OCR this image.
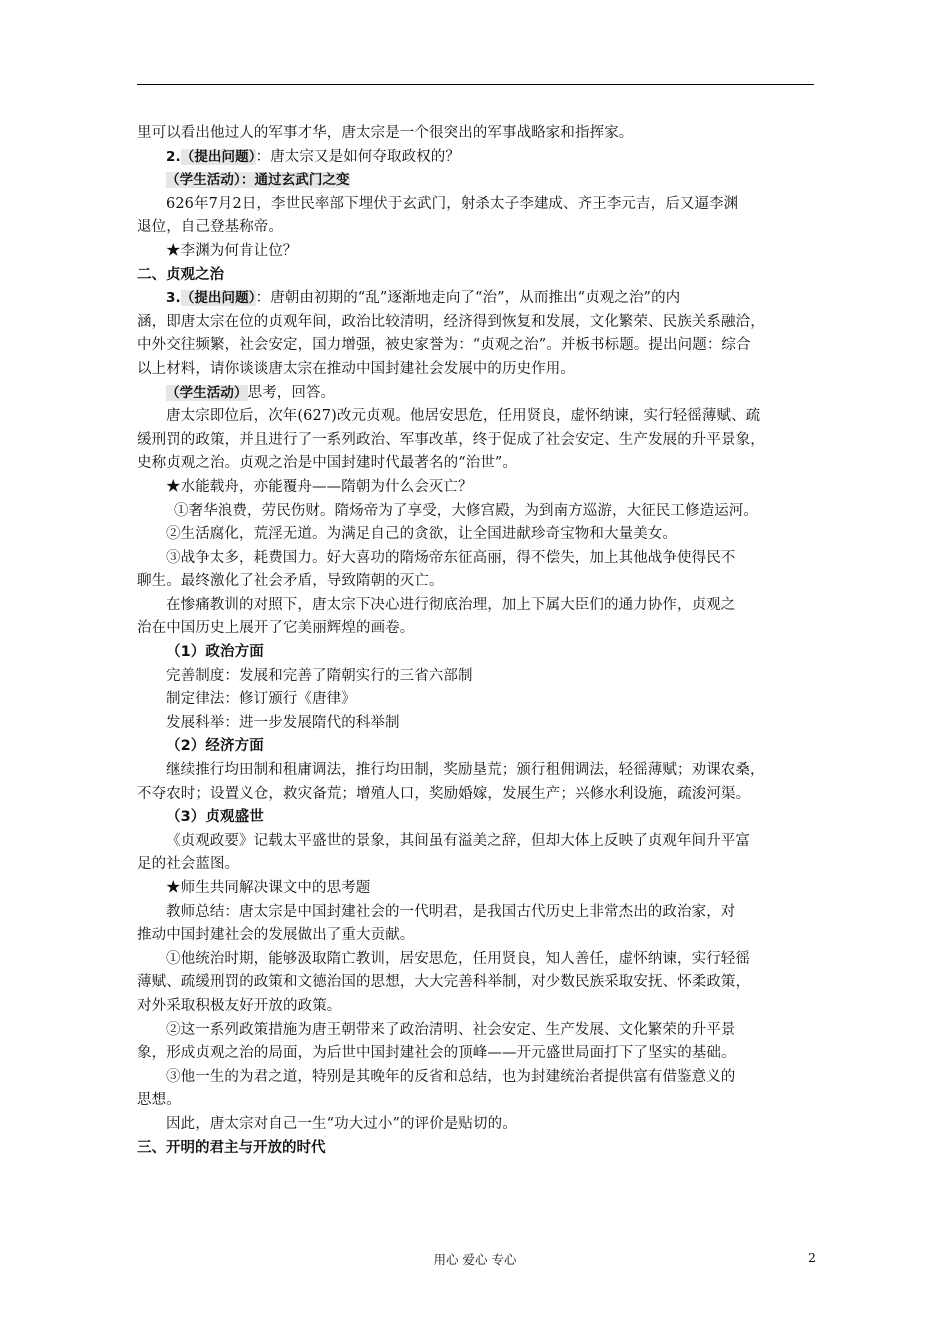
里可以看出他过人的军事才华，唐太宗是一个很突出的军事战略家和指挥家。

2.（提出问题）：唐太宗又是如何夺取政权的？

（学生活动）：通过玄武门之变

626年7月2日，李世民率部下埋伏于玄武门，射杀太子李建成、齐王李元吉，后又逼李渊

退位，自己登基称帝。

★李渊为何肯让位？

二、贞观之治

3.（提出问题）：唐朝由初期的“乱”逐渐地走向了“治”，从而推出“贞观之治”的内

涵，即唐太宗在位的贞观年间，政治比较清明，经济得到恢复和发展，文化繁荣、民族关系融洽，

中外交往频繁，社会安定，国力增强，被史家誉为：“贞观之治”。并板书标题。提出问题：综合

以上材料，请你谈谈唐太宗在推动中国封建社会发展中的历史作用。

（学生活动）思考，回答。

唐太宗即位后，次年(627)改元贞观。他居安思危，任用贤良，虚怀纳谏，实行轻徭薄赋、疏

缓刑罚的政策，并且进行了一系列政治、军事改革，终于促成了社会安定、生产发展的升平景象，

史称贞观之治。贞观之治是中国封建时代最著名的“治世”。

★水能载舟，亦能覆舟——隋朝为什么会灭亡？

①奢华浪费，劳民伤财。隋炀帝为了享受，大修宫殿，为到南方巡游，大征民工修造运河。

②生活腐化，荒淫无道。为满足自己的贪欲，让全国进献珍奇宝物和大量美女。

③战争太多，耗费国力。好大喜功的隋炀帝东征高丽，得不偿失，加上其他战争使得民不

聊生。最终激化了社会矛盾，导致隋朝的灭亡。

在惨痛教训的对照下，唐太宗下决心进行彻底治理，加上下属大臣们的通力协作，贞观之

治在中国历史上展开了它美丽辉煌的画卷。

（1）政治方面

完善制度：发展和完善了隋朝实行的三省六部制

制定律法：修订颁行《唐律》

发展科举：进一步发展隋代的科举制

（2）经济方面

继续推行均田制和租庸调法，推行均田制，奖励垦荒；颁行租佣调法，轻徭薄赋；劝课农桑，

不夺农时；设置义仓，救灾备荒；增殖人口，奖励婚嫁，发展生产；兴修水利设施，疏浚河渠。

（3）贞观盛世

《贞观政要》记载太平盛世的景象，其间虽有溢美之辞，但却大体上反映了贞观年间升平富

足的社会蓝图。

★师生共同解决课文中的思考题

教师总结：唐太宗是中国封建社会的一代明君，是我国古代历史上非常杰出的政治家，对

推动中国封建社会的发展做出了重大贡献。

①他统治时期，能够汲取隋亡教训，居安思危，任用贤良，知人善任，虚怀纳谏，实行轻徭

薄赋、疏缓刑罚的政策和文德治国的思想，大大完善科举制，对少数民族采取安抚、怀柔政策，

对外采取积极友好开放的政策。

②这一系列政策措施为唐王朝带来了政治清明、社会安定、生产发展、文化繁荣的升平景

象，形成贞观之治的局面，为后世中国封建社会的顶峰——开元盛世局面打下了坚实的基础。

③他一生的为君之道，特别是其晚年的反省和总结，也为封建统治者提供富有借鉴意义的

思想。

因此，唐太宗对自己一生“功大过小”的评价是贴切的。

三、开明的君主与开放的时代
用心 爱心 专心	2
